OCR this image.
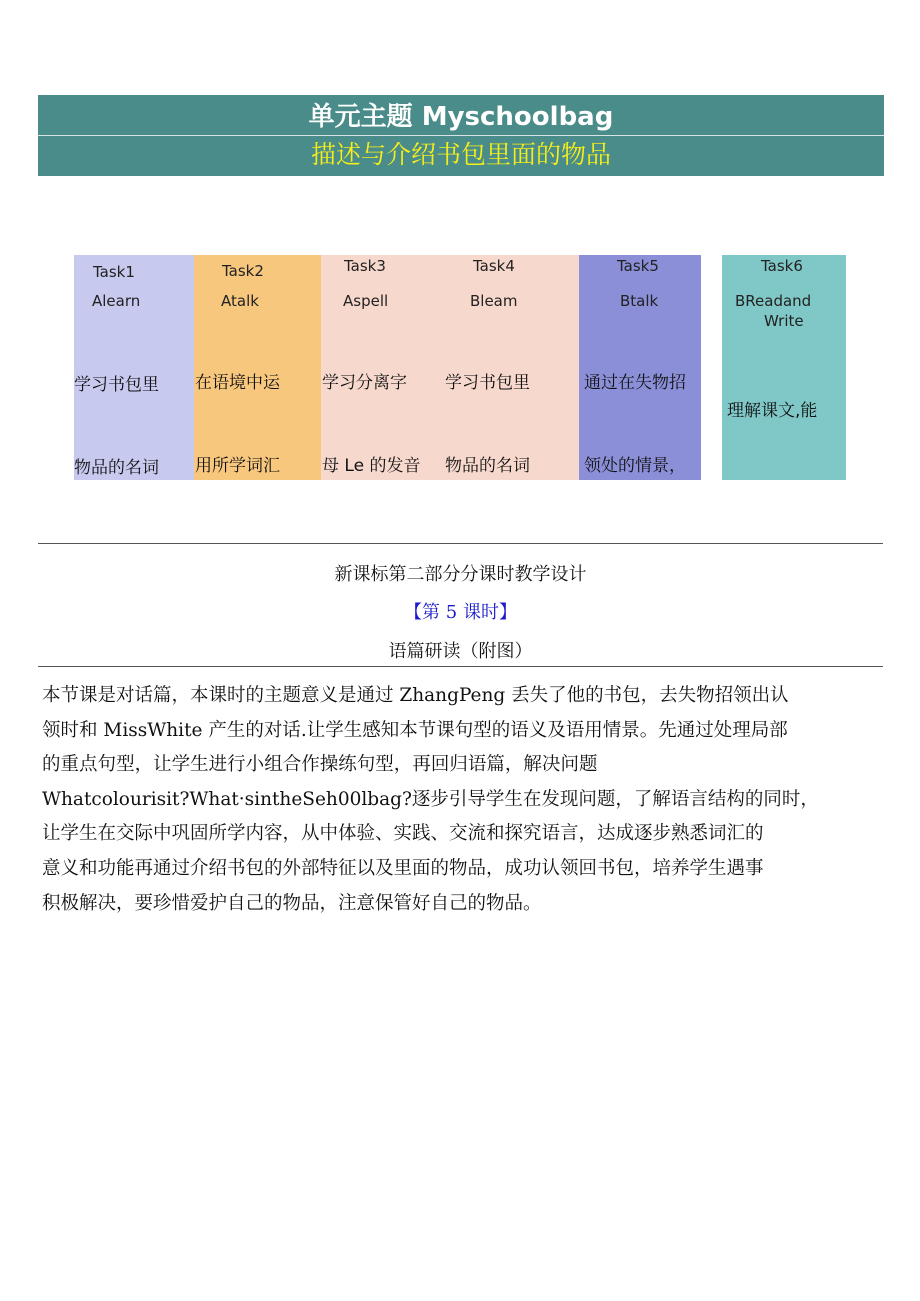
单元主题 Myschoolbag
描述与介绍书包里面的物品
Task1
Alearn

学习书包里

物品的名词

Task2
Atalk

在语境中运

用所学词汇

Task3
Aspell

学习分离字

母 Le 的发音

Task4
Bleam

学习书包里

物品的名词

Task5
Btalk

通过在失物招

领处的情景，

Task6
BReadand
Write

理解课文,能

新课标第二部分分课时教学设计
【第 5 课时】
语篇研读（附图）
本节课是对话篇，本课时的主题意义是通过 ZhangPeng 丢失了他的书包，去失物招领出认
领时和 MissWhite 产生的对话.让学生感知本节课句型的语义及语用情景。先通过处理局部
的重点句型，让学生进行小组合作操练句型，再回归语篇，解决问题
Whatcolourisit?What·sintheSeh00lbag?逐步引导学生在发现问题，了解语言结构的同时，
让学生在交际中巩固所学内容，从中体验、实践、交流和探究语言，达成逐步熟悉词汇的
意义和功能再通过介绍书包的外部特征以及里面的物品，成功认领回书包，培养学生遇事
积极解决，要珍惜爱护自己的物品，注意保管好自己的物品。
